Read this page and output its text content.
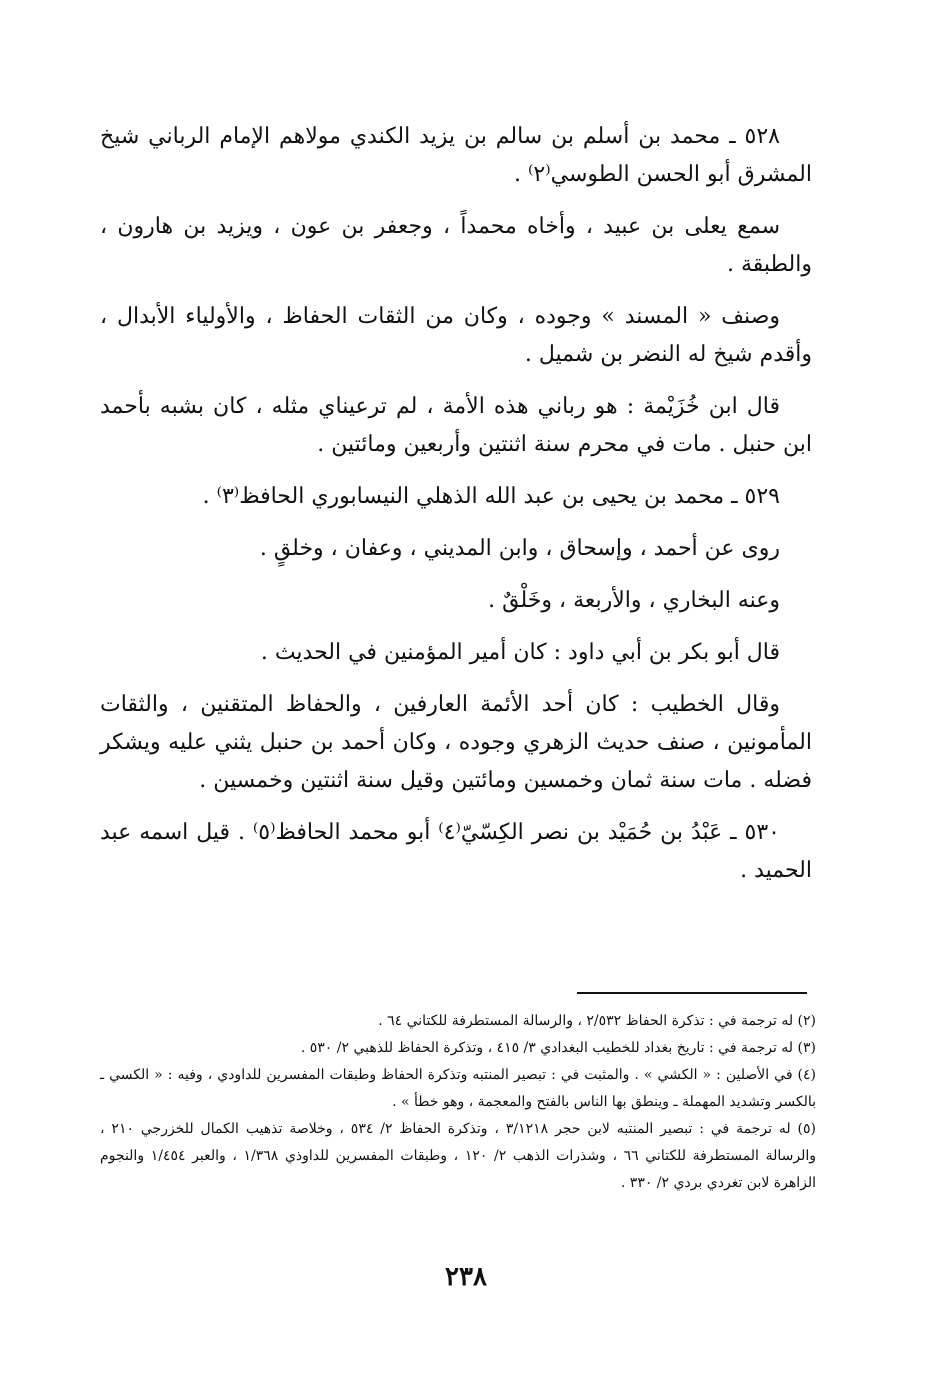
٥٢٨ ـ محمد بن أسلم بن سالم بن يزيد الكندي مولاهم الإمام الرباني شيخ المشرق أبو الحسن الطوسي⁽٢⁾ .

سمع يعلى بن عبيد ، وأخاه محمداً ، وجعفر بن عون ، ويزيد بن هارون ، والطبقة .

وصنف « المسند » وجوده ، وكان من الثقات الحفاظ ، والأولياء الأبدال ، وأقدم شيخ له النضر بن شميل .

قال ابن خُزَيْمة : هو رباني هذه الأمة ، لم ترعيناي مثله ، كان بشبه بأحمد ابن حنبل . مات في محرم سنة اثنتين وأربعين ومائتين .

٥٢٩ ـ محمد بن يحيى بن عبد الله الذهلي النيسابوري الحافظ⁽٣⁾ .

روى عن أحمد ، وإسحاق ، وابن المديني ، وعفان ، وخلقٍ .

وعنه البخاري ، والأربعة ، وخَلْقٌ .

قال أبو بكر بن أبي داود : كان أمير المؤمنين في الحديث .

وقال الخطيب : كان أحد الأئمة العارفين ، والحفاظ المتقنين ، والثقات المأمونين ، صنف حديث الزهري وجوده ، وكان أحمد بن حنبل يثني عليه ويشكر فضله . مات سنة ثمان وخمسين ومائتين وقيل سنة اثنتين وخمسين .

٥٣٠ ـ عَبْدُ بن حُمَيْد بن نصر الكِسّيّ⁽٤⁾ أبو محمد الحافظ⁽٥⁾ . قيل اسمه عبد الحميد .

(٢) له ترجمة في : تذكرة الحفاظ ٢/٥٣٢ ، والرسالة المستطرفة للكتاني ٦٤ .

(٣) له ترجمة في : تاريخ بغداد للخطيب البغدادي ٣/ ٤١٥ ، وتذكرة الحفاظ للذهبي ٢/ ٥٣٠ .

(٤) في الأصلين : « الكشي » . والمثبت في : تبصير المنتبه وتذكرة الحفاظ وطبقات المفسرين للداودي ، وفيه : « الكسي ـ بالكسر وتشديد المهملة ـ وينطق بها الناس بالفتح والمعجمة ، وهو خطأ » .

(٥) له ترجمة في : تبصير المنتبه لابن حجر ٣/١٢١٨ ، وتذكرة الحفاظ ٢/ ٥٣٤ ، وخلاصة تذهيب الكمال للخزرجي ٢١٠ ، والرسالة المستطرفة للكتاني ٦٦ ، وشذرات الذهب ٢/ ١٢٠ ، وطبقات المفسرين للداوذي ١/٣٦٨ ، والعبر ١/٤٥٤ والنجوم الزاهرة لابن تغردي بردي ٢/ ٣٣٠ .

٢٣٨
